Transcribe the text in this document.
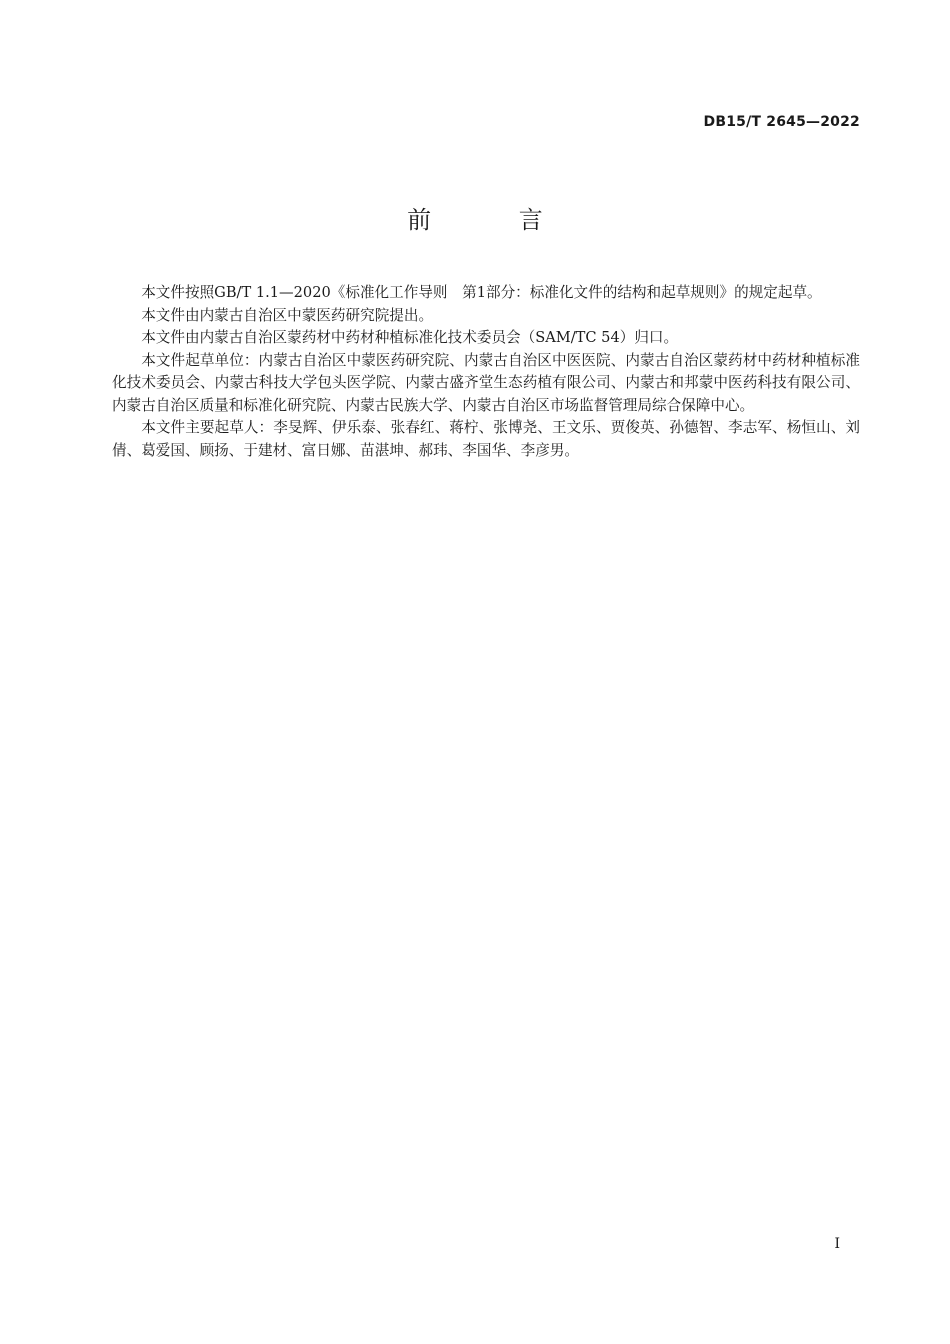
DB15/T 2645—2022
前 言

本文件按照GB/T 1.1—2020《标准化工作导则　第1部分：标准化文件的结构和起草规则》的规定起草。

本文件由内蒙古自治区中蒙医药研究院提出。

本文件由内蒙古自治区蒙药材中药材种植标准化技术委员会（SAM/TC 54）归口。

本文件起草单位：内蒙古自治区中蒙医药研究院、内蒙古自治区中医医院、内蒙古自治区蒙药材中药材种植标准化技术委员会、内蒙古科技大学包头医学院、内蒙古盛齐堂生态药植有限公司、内蒙古和邦蒙中医药科技有限公司、内蒙古自治区质量和标准化研究院、内蒙古民族大学、内蒙古自治区市场监督管理局综合保障中心。

本文件主要起草人：李旻辉、伊乐泰、张春红、蒋柠、张博尧、王文乐、贾俊英、孙德智、李志军、杨恒山、刘倩、葛爱国、顾扬、于建材、富日娜、苗湛坤、郝玮、李国华、李彦男。

I
